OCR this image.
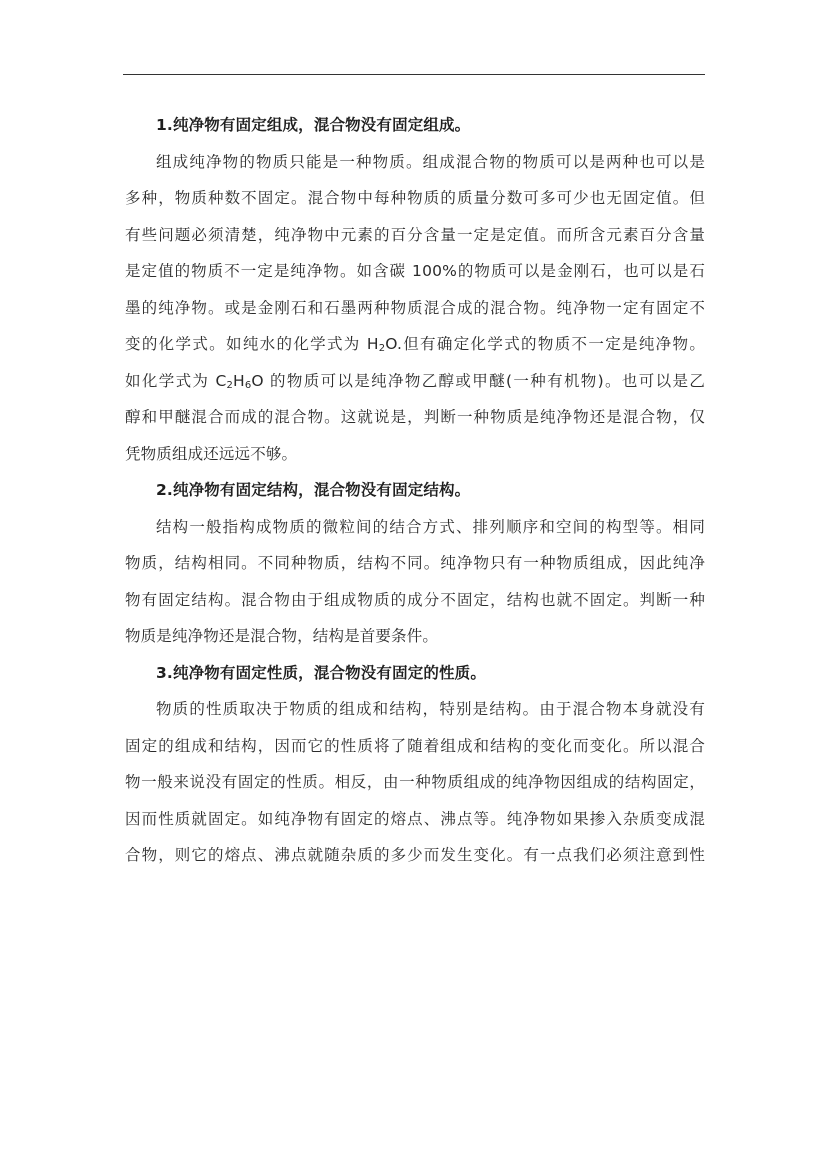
1.纯净物有固定组成，混合物没有固定组成。
组成纯净物的物质只能是一种物质。组成混合物的物质可以是两种也可以是
多种，物质种数不固定。混合物中每种物质的质量分数可多可少也无固定值。但
有些问题必须清楚，纯净物中元素的百分含量一定是定值。而所含元素百分含量
是定值的物质不一定是纯净物。如含碳 100%的物质可以是金刚石，也可以是石
墨的纯净物。或是金刚石和石墨两种物质混合成的混合物。纯净物一定有固定不
变的化学式。如纯水的化学式为 $H_2O$.但有确定化学式的物质不一定是纯净物。
如化学式为 $C_2H_6O$ 的物质可以是纯净物乙醇或甲醚(一种有机物)。也可以是乙
醇和甲醚混合而成的混合物。这就说是，判断一种物质是纯净物还是混合物，仅
凭物质组成还远远不够。
2.纯净物有固定结构，混合物没有固定结构。
结构一般指构成物质的微粒间的结合方式、排列顺序和空间的构型等。相同
物质，结构相同。不同种物质，结构不同。纯净物只有一种物质组成，因此纯净
物有固定结构。混合物由于组成物质的成分不固定，结构也就不固定。判断一种
物质是纯净物还是混合物，结构是首要条件。
3.纯净物有固定性质，混合物没有固定的性质。
物质的性质取决于物质的组成和结构，特别是结构。由于混合物本身就没有
固定的组成和结构，因而它的性质将了随着组成和结构的变化而变化。所以混合
物一般来说没有固定的性质。相反，由一种物质组成的纯净物因组成的结构固定，
因而性质就固定。如纯净物有固定的熔点、沸点等。纯净物如果掺入杂质变成混
合物，则它的熔点、沸点就随杂质的多少而发生变化。有一点我们必须注意到性
